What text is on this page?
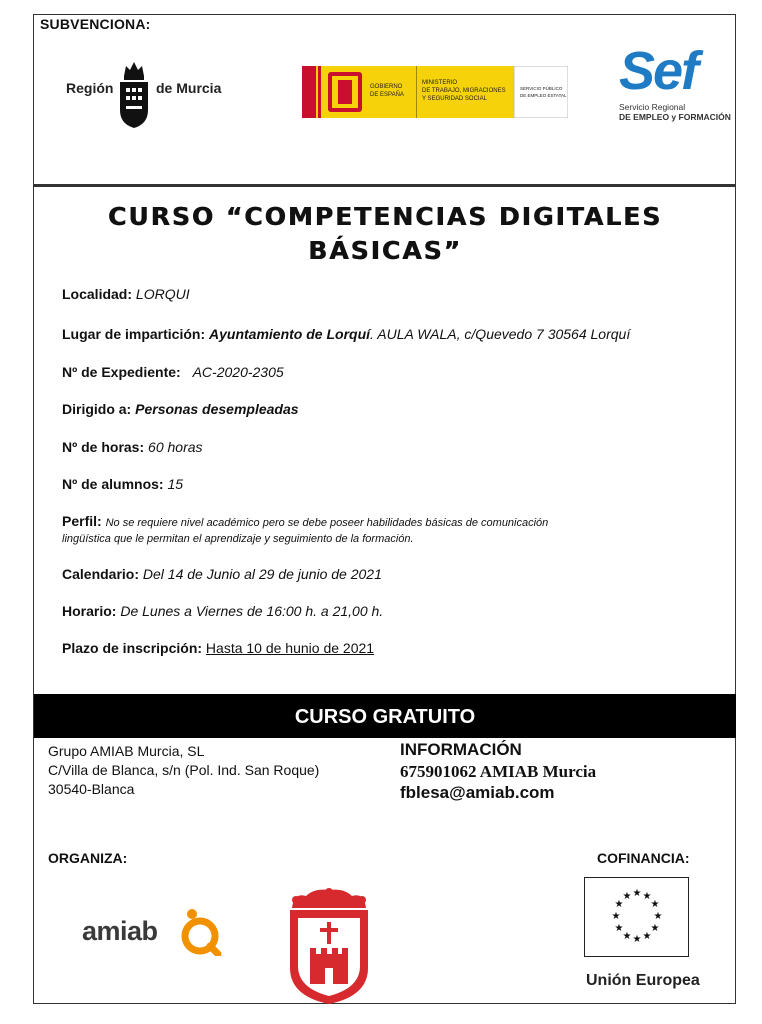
SUBVENCIONA:
Región	de Murcia	GOBIERNO
DE ESPAÑA
MINISTERIO
DE TRABAJO, MIGRACIONES
Y SEGURIDAD SOCIAL
SERVICIO PÚBLICO
DE EMPLEO ESTATAL Sef
Servicio Regional
DE EMPLEO y FORMACIÓN
CURSO “COMPETENCIAS DIGITALES
BÁSICAS”
Localidad: LORQUI
Lugar de impartición: Ayuntamiento de Lorquí. AULA WALA, c/Quevedo 7 30564 Lorquí
Nº de Expediente: AC-2020-2305
Dirigido a: Personas desempleadas
Nº de horas: 60 horas
Nº de alumnos: 15
Perfil: No se requiere nivel académico pero se debe poseer habilidades básicas de comunicación
lingüística que le permitan el aprendizaje y seguimiento de la formación.
Calendario: Del 14 de Junio al 29 de junio de 2021
Horario: De Lunes a Viernes de 16:00 h. a 21,00 h.
Plazo de inscripción: Hasta 10 de hunio de 2021
CURSO GRATUITO
Grupo AMIAB Murcia, SL
C/Villa de Blanca, s/n (Pol. Ind. San Roque)
30540-Blanca
INFORMACIÓN
675901062 AMIAB Murcia
fblesa@amiab.com
ORGANIZA:	COFINANCIA:
amiab
★ ★
★
★
★
★
★
★
★
★
★
★
Unión Europea
